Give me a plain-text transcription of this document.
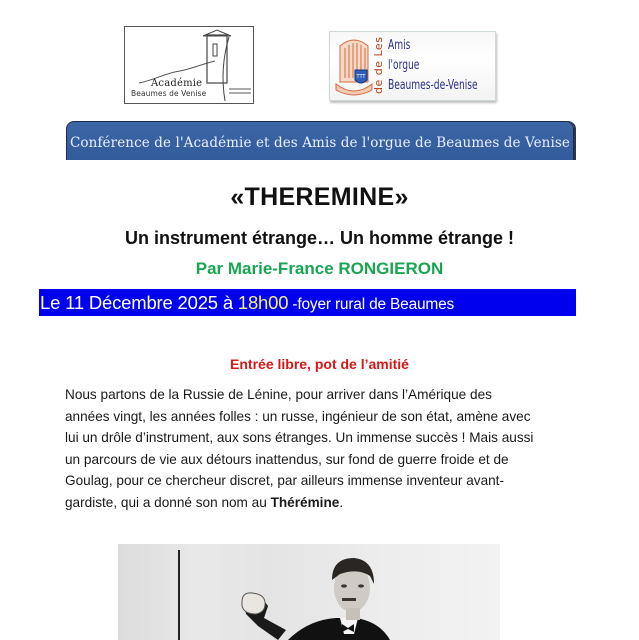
Académie
Beaumes de Venise
TTT de de Les Amis
l'orgue
Beaumes-de-Venise
Conférence de l'Académie et des Amis de l'orgue de Beaumes de Venise
«THEREMINE»
Un instrument étrange… Un homme étrange !
Par Marie-France RONGIERON
Le 11 Décembre 2025 à 18h00 -foyer rural de Beaumes
Entrée libre, pot de l’amitié
Nous partons de la Russie de Lénine, pour arriver dans l’Amérique des
années vingt, les années folles : un russe, ingénieur de son état, amène avec
lui un drôle d’instrument, aux sons étranges. Un immense succès ! Mais aussi
un parcours de vie aux détours inattendus, sur fond de guerre froide et de
Goulag, pour ce chercheur discret, par ailleurs immense inventeur avant-
gardiste, qui a donné son nom au Thérémine.
